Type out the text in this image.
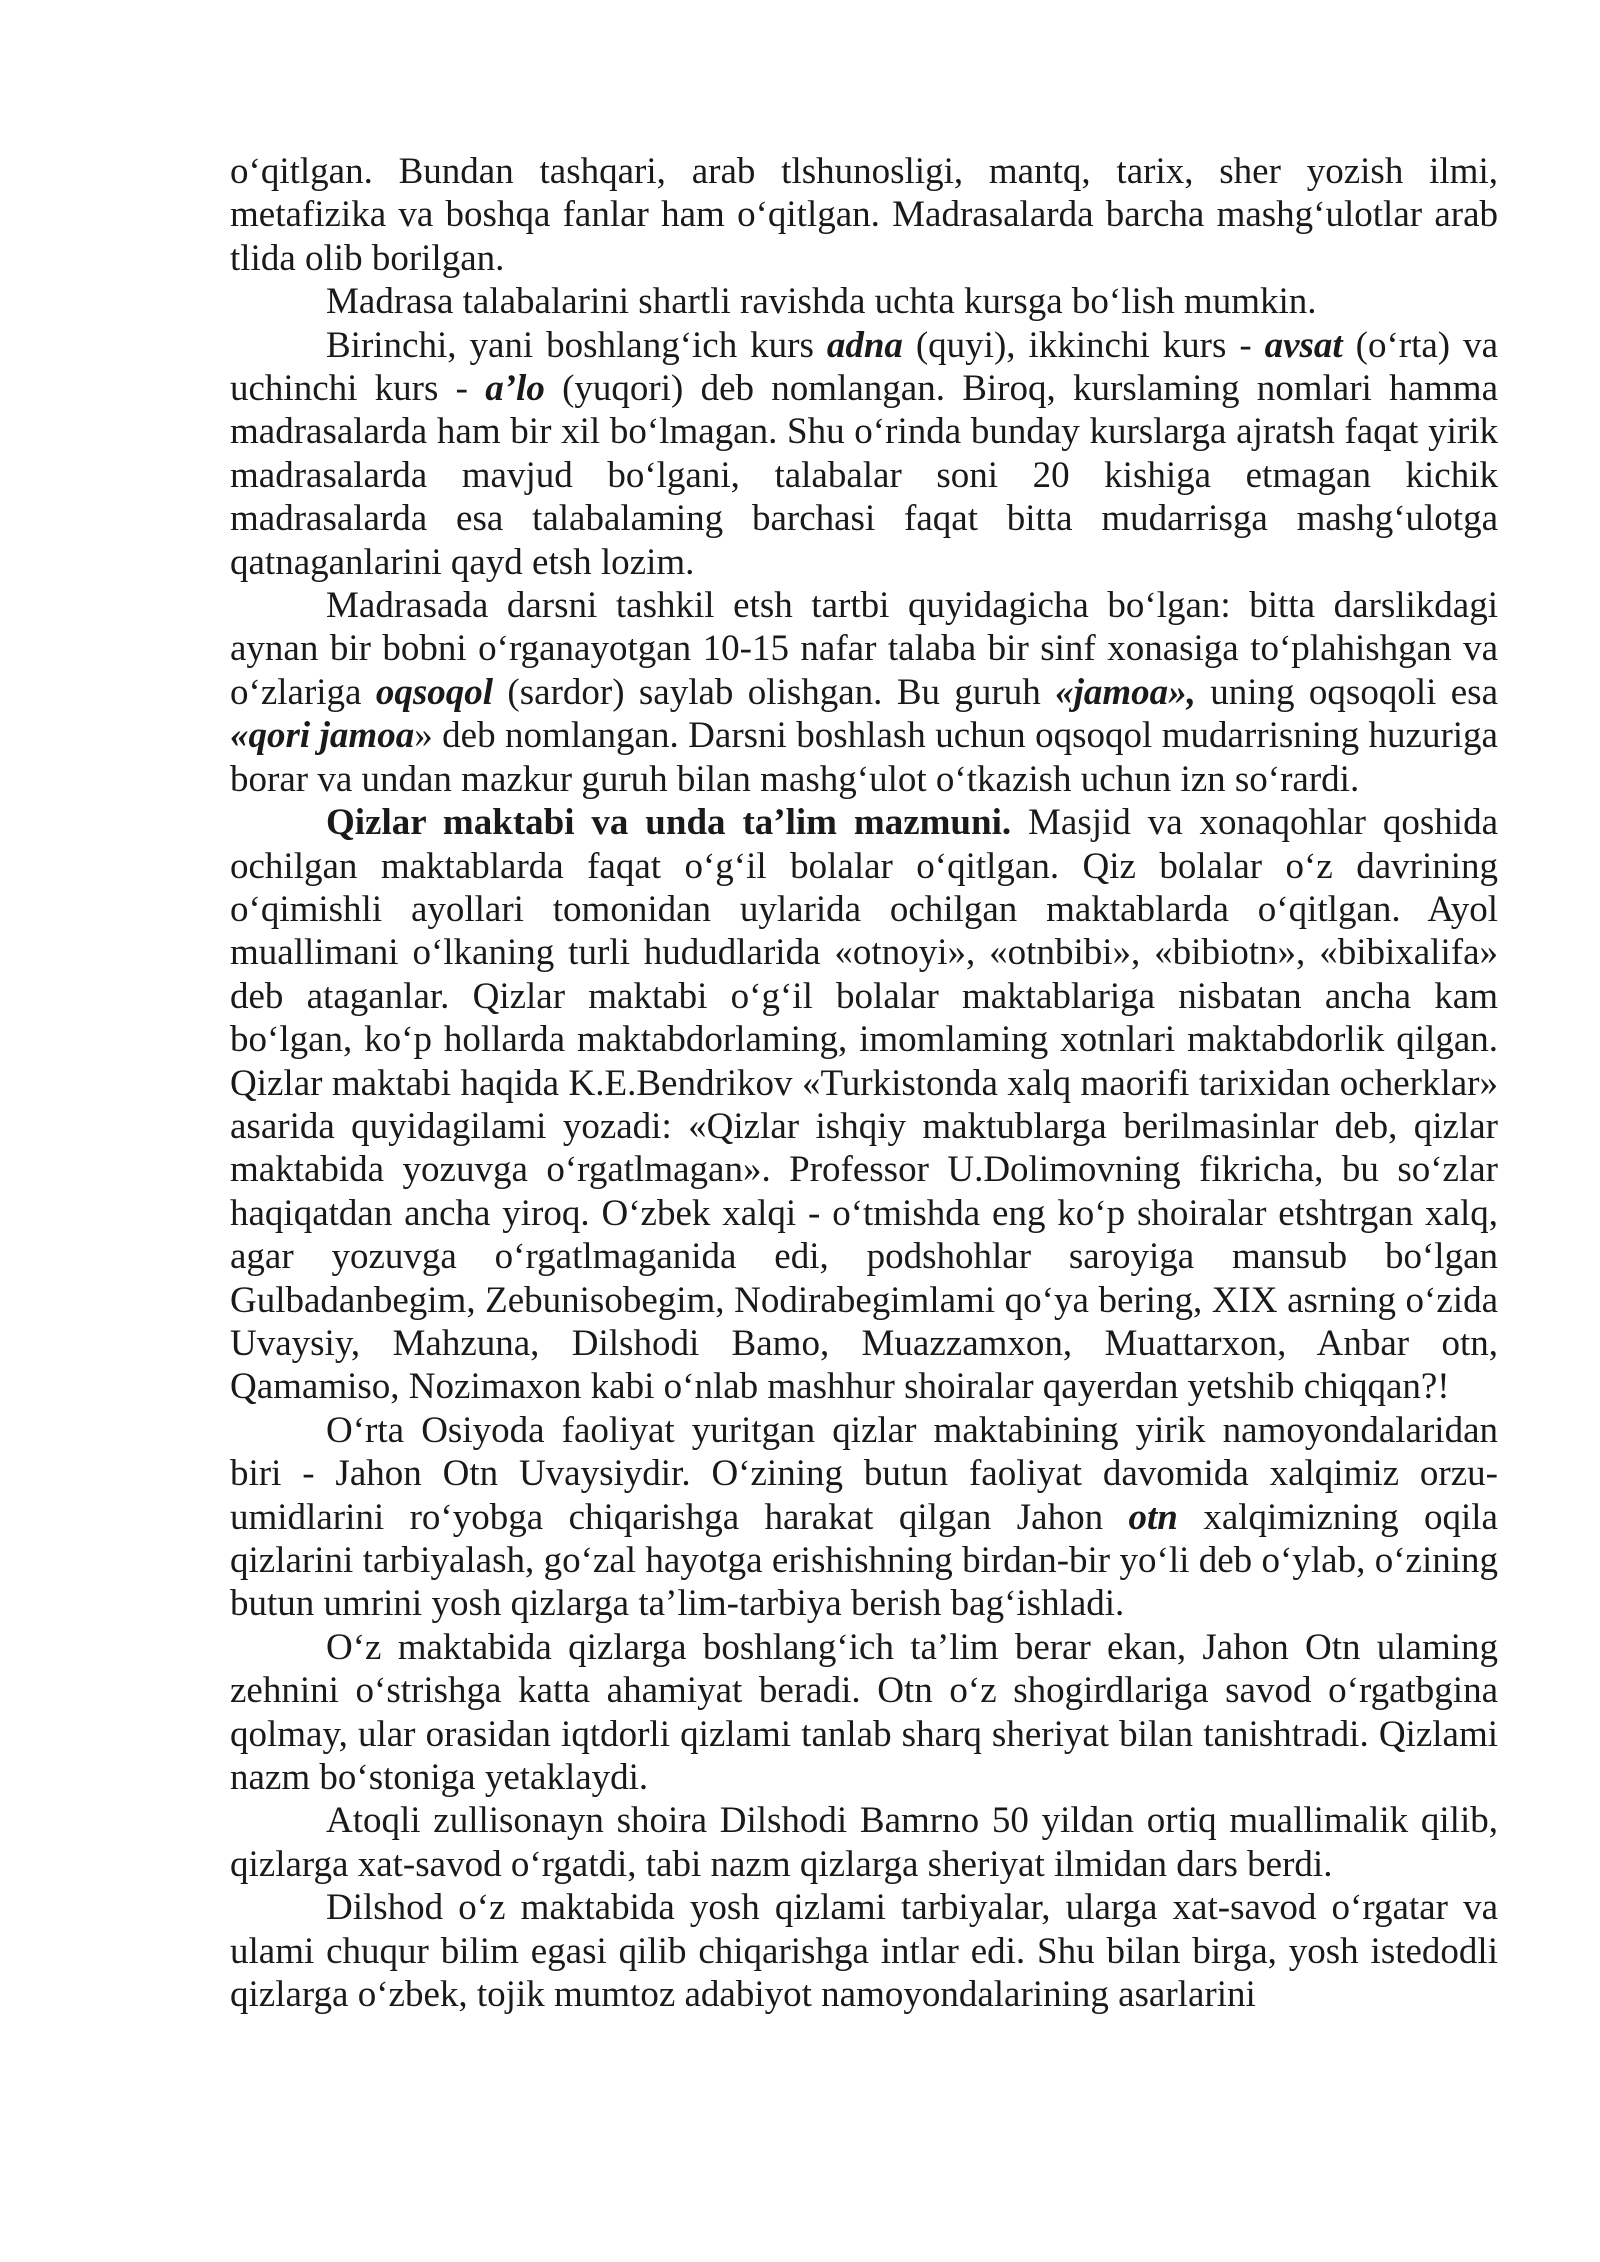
o‘qitlgan. Bundan tashqari, arab tlshunosligi, mantq, tarix, sher yozish ilmi, metafizika va boshqa fanlar ham o‘qitlgan. Madrasalarda barcha mashg‘ulotlar arab tlida olib borilgan.

Madrasa talabalarini shartli ravishda uchta kursga bo‘lish mumkin.

Birinchi, yani boshlang‘ich kurs adna (quyi), ikkinchi kurs - avsat (o‘rta) va uchinchi kurs - a’lo (yuqori) deb nomlangan. Biroq, kurslaming nomlari hamma madrasalarda ham bir xil bo‘lmagan. Shu o‘rinda bunday kurslarga ajratsh faqat yirik madrasalarda mavjud bo‘lgani, talabalar soni 20 kishiga etmagan kichik madrasalarda esa talabalaming barchasi faqat bitta mudarrisga mashg‘ulotga qatnaganlarini qayd etsh lozim.

Madrasada darsni tashkil etsh tartbi quyidagicha bo‘lgan: bitta darslikdagi aynan bir bobni o‘rganayotgan 10-15 nafar talaba bir sinf xonasiga to‘plahishgan va o‘zlariga oqsoqol (sardor) saylab olishgan. Bu guruh «jamoa», uning oqsoqoli esa «qori jamoa» deb nomlangan. Darsni boshlash uchun oqsoqol mudarrisning huzuriga borar va undan mazkur guruh bilan mashg‘ulot o‘tkazish uchun izn so‘rardi.

Qizlar maktabi va unda ta’lim mazmuni. Masjid va xonaqohlar qoshida ochilgan maktablarda faqat o‘g‘il bolalar o‘qitlgan. Qiz bolalar o‘z davrining o‘qimishli ayollari tomonidan uylarida ochilgan maktablarda o‘qitlgan. Ayol muallimani o‘lkaning turli hududlarida «otnoyi», «otnbibi», «bibiotn», «bibixalifa» deb ataganlar. Qizlar maktabi o‘g‘il bolalar maktablariga nisbatan ancha kam bo‘lgan, ko‘p hollarda maktabdorlaming, imomlaming xotnlari maktabdorlik qilgan. Qizlar maktabi haqida K.E.Bendrikov «Turkistonda xalq maorifi tarixidan ocherklar» asarida quyidagilami yozadi: «Qizlar ishqiy maktublarga berilmasinlar deb, qizlar maktabida yozuvga o‘rgatlmagan». Professor U.Dolimovning fikricha, bu so‘zlar haqiqatdan ancha yiroq. O‘zbek xalqi - o‘tmishda eng ko‘p shoiralar etshtrgan xalq, agar yozuvga o‘rgatlmaganida edi, podshohlar saroyiga mansub bo‘lgan Gulbadanbegim, Zebunisobegim, Nodirabegimlami qo‘ya bering, XIX asrning o‘zida Uvaysiy, Mahzuna, Dilshodi Bamo, Muazzamxon, Muattarxon, Anbar otn, Qamamiso, Nozimaxon kabi o‘nlab mashhur shoiralar qayerdan yetshib chiqqan?!

O‘rta Osiyoda faoliyat yuritgan qizlar maktabining yirik namoyondalaridan biri - Jahon Otn Uvaysiydir. O‘zining butun faoliyat davomida xalqimiz orzu-umidlarini ro‘yobga chiqarishga harakat qilgan Jahon otn xalqimizning oqila qizlarini tarbiyalash, go‘zal hayotga erishishning birdan-bir yo‘li deb o‘ylab, o‘zining butun umrini yosh qizlarga ta’lim-tarbiya berish bag‘ishladi.

O‘z maktabida qizlarga boshlang‘ich ta’lim berar ekan, Jahon Otn ulaming zehnini o‘strishga katta ahamiyat beradi. Otn o‘z shogirdlariga savod o‘rgatbgina qolmay, ular orasidan iqtdorli qizlami tanlab sharq sheriyat bilan tanishtradi. Qizlami nazm bo‘stoniga yetaklaydi.

Atoqli zullisonayn shoira Dilshodi Bamrno 50 yildan ortiq muallimalik qilib, qizlarga xat-savod o‘rgatdi, tabi nazm qizlarga sheriyat ilmidan dars berdi.

Dilshod o‘z maktabida yosh qizlami tarbiyalar, ularga xat-savod o‘rgatar va ulami chuqur bilim egasi qilib chiqarishga intlar edi. Shu bilan birga, yosh istedodli qizlarga o‘zbek, tojik mumtoz adabiyot namoyondalarining asarlarini
